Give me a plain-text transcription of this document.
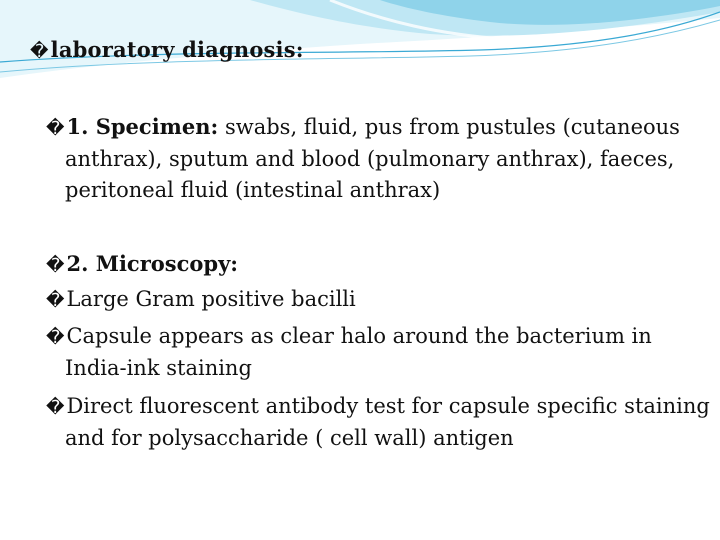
�laboratory diagnosis:
�1. Specimen: swabs, fluid, pus from pustules (cutaneous anthrax), sputum and blood (pulmonary anthrax), faeces, peritoneal fluid (intestinal anthrax)
�2. Microscopy:
�Large Gram positive bacilli
�Capsule appears as clear halo around the bacterium in India-ink staining
�Direct fluorescent antibody test for capsule specific staining and for polysaccharide ( cell wall) antigen
